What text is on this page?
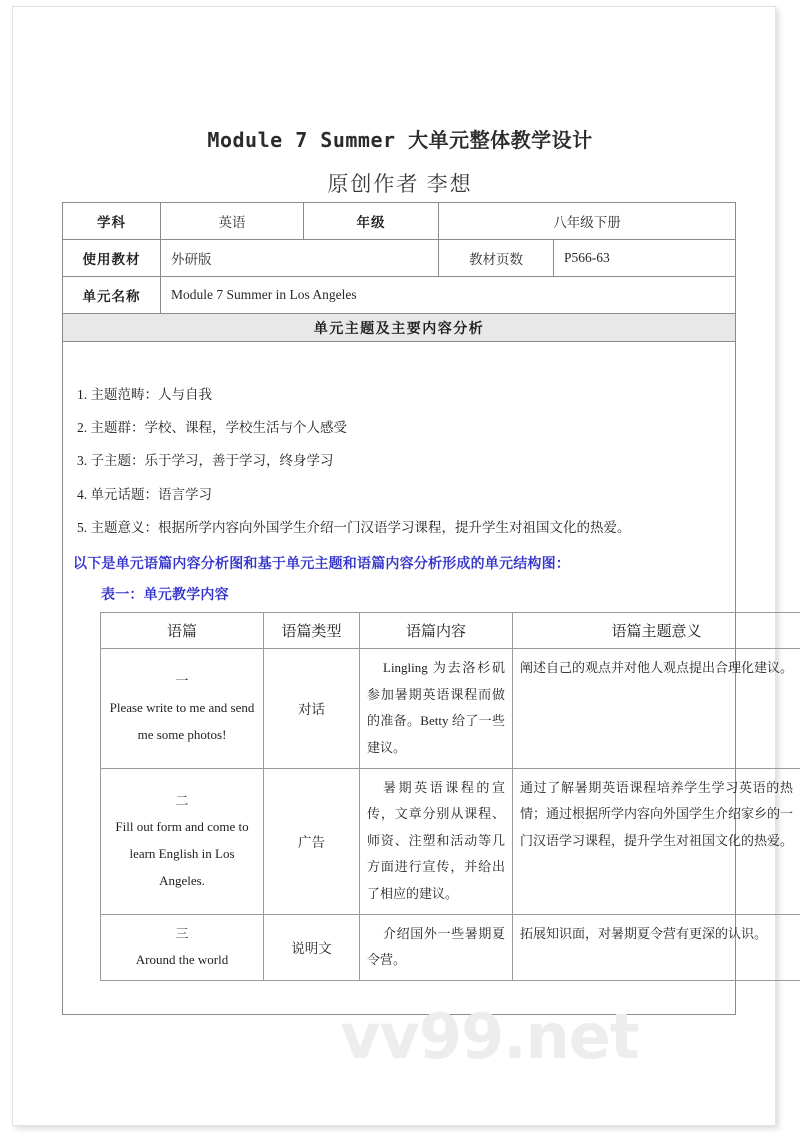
vv99.net
Module 7 Summer 大单元整体教学设计
原创作者 李想
学科	英语	年级	八年级下册
使用教材	外研版	教材页数	P566-63
单元名称	Module 7 Summer in Los Angeles
单元主题及主要内容分析

1. 主题范畴：人与自我
2. 主题群：学校、课程，学校生活与个人感受
3. 子主题：乐于学习，善于学习，终身学习
4. 单元话题：语言学习
5. 主题意义：根据所学内容向外国学生介绍一门汉语学习课程，提升学生对祖国文化的热爱。
以下是单元语篇内容分析图和基于单元主题和语篇内容分析形成的单元结构图：
表一：单元教学内容
语篇	语篇类型	语篇内容	语篇主题意义

一
Please write to me and send me some photos!	对话	Lingling 为去洛杉矶参加暑期英语课程而做的准备。Betty 给了一些建议。	阐述自己的观点并对他人观点提出合理化建议。

二
Fill out form and come to learn English in Los Angeles.	广告	暑期英语课程的宣传，文章分别从课程、师资、注塑和活动等几方面进行宣传，并给出了相应的建议。	通过了解暑期英语课程培养学生学习英语的热情；通过根据所学内容向外国学生介绍家乡的一门汉语学习课程，提升学生对祖国文化的热爱。

三
Around the world	说明文	介绍国外一些暑期夏令营。	拓展知识面，对暑期夏令营有更深的认识。
